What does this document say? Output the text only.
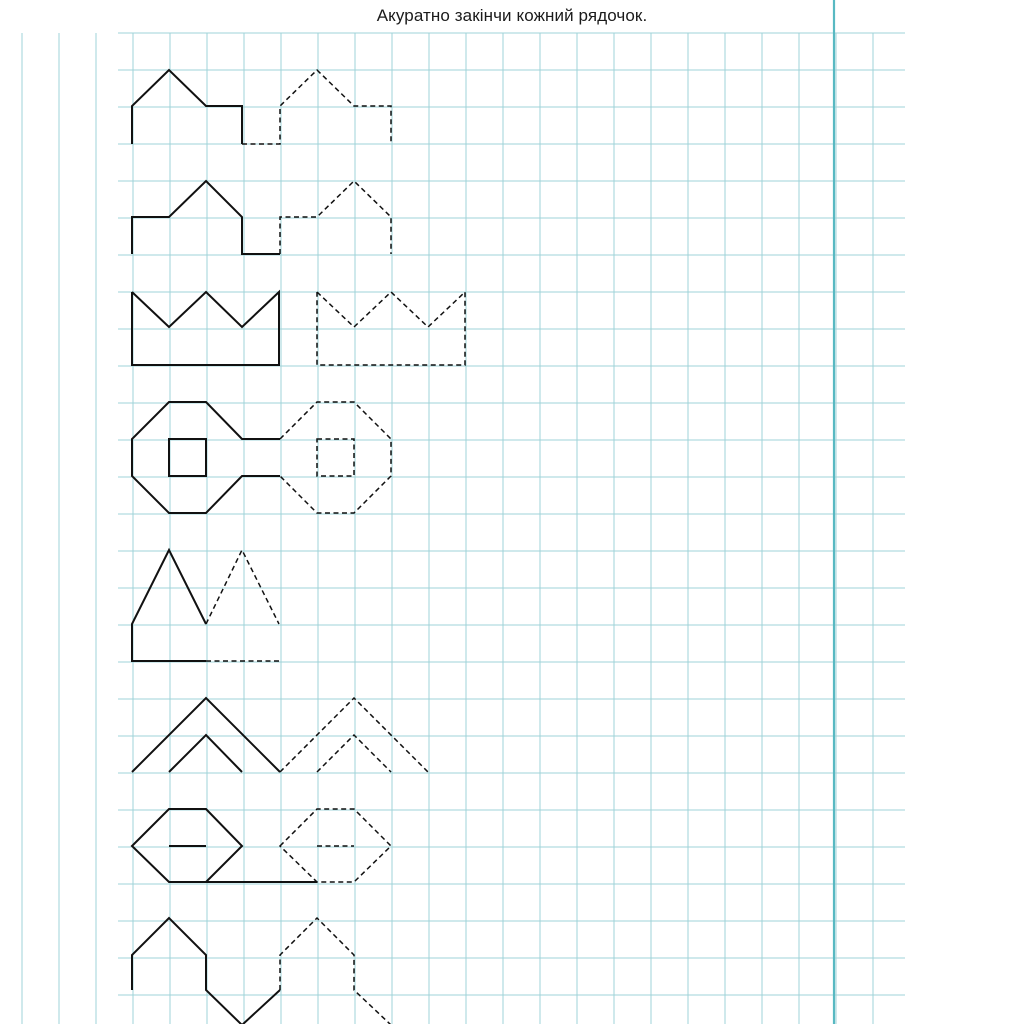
Акуратно закінчи кожний рядочок.
